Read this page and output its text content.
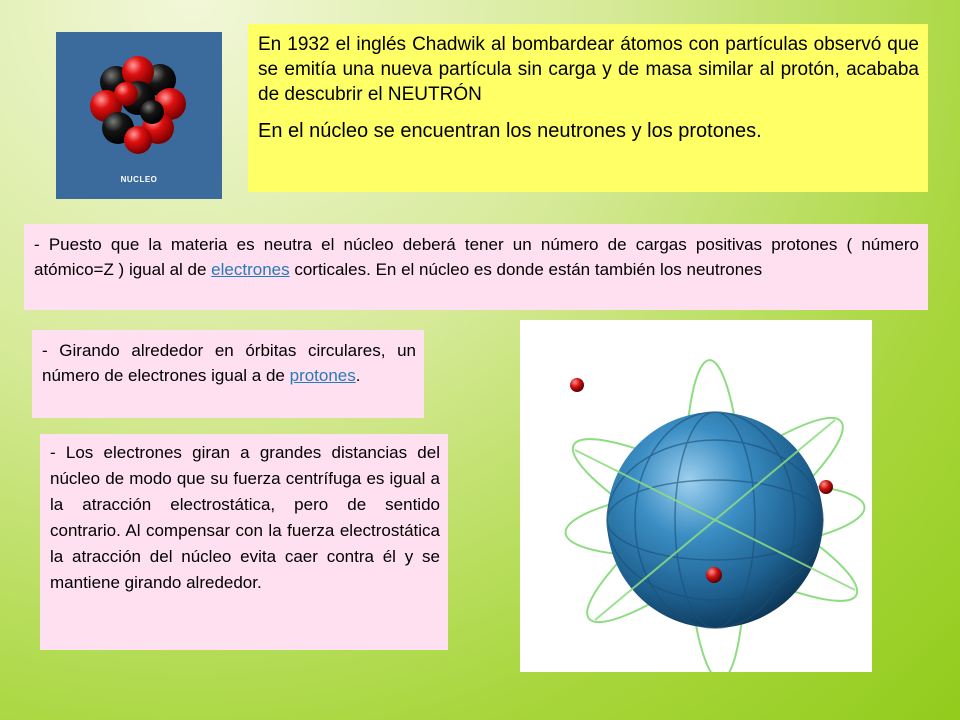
NUCLEO

En 1932 el inglés Chadwik al bombardear átomos con partículas observó que se emitía una nueva partícula sin carga y de masa similar al protón, acababa de descubrir el NEUTRÓN

En el núcleo se encuentran los neutrones y los protones.

- Puesto que la materia es neutra el núcleo deberá tener un número de cargas positivas protones ( número atómico=Z ) igual al de electrones corticales. En el núcleo es donde están también los neutrones
- Girando alrededor en órbitas circulares, un número de electrones igual a de protones.
- Los electrones giran a grandes distancias del núcleo de modo que su fuerza centrífuga es igual a la atracción electrostática, pero de sentido contrario. Al compensar con la fuerza electrostática la atracción del núcleo evita caer contra él y se mantiene girando alrededor.
